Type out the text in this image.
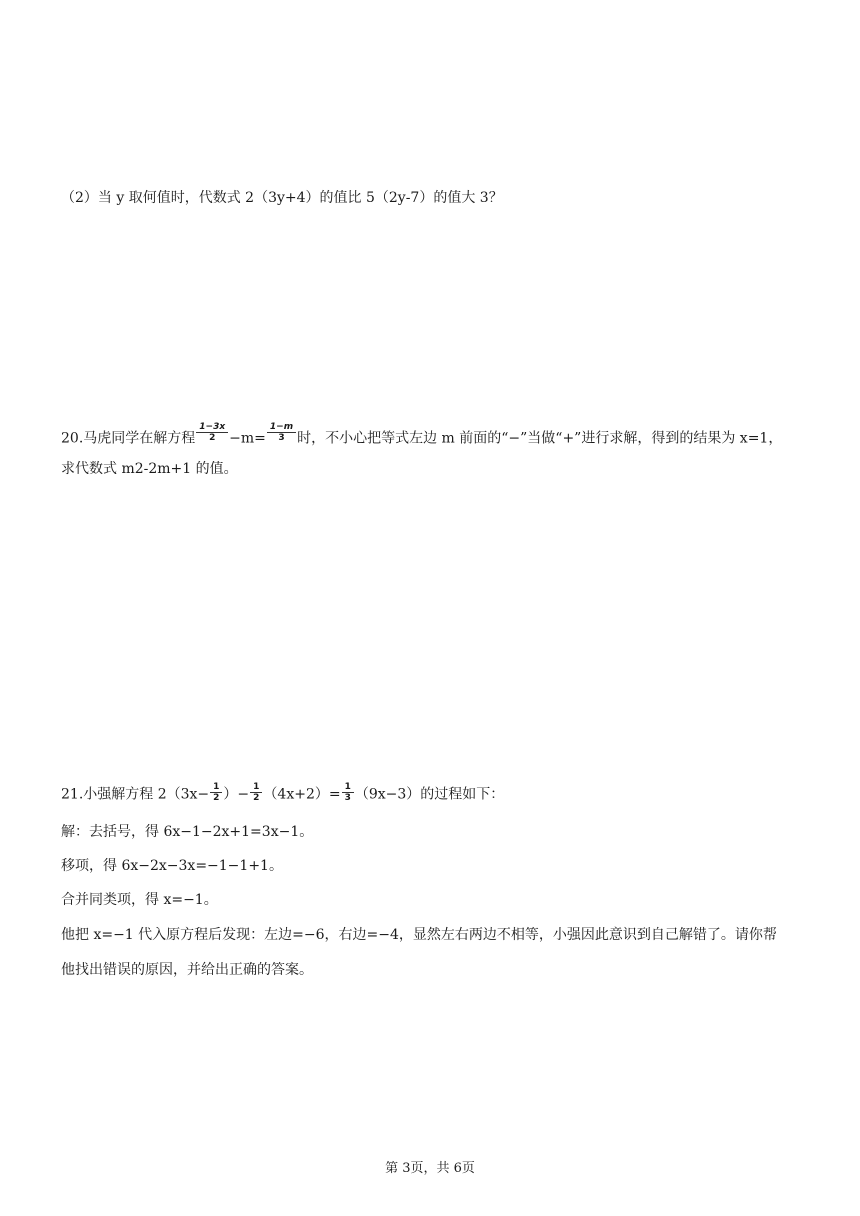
（2）当 y 取何值时，代数式 2（3y+4）的值比 5（2y-7）的值大 3？
20.马虎同学在解方程 $\frac{1-3x}{2} -m= \frac{1-m}{3}$ 时，不小心把等式左边 m 前面的“−”当做“+”进行求解，得到的结果为 x=1，
求代数式 m2-2m+1 的值。
21.小强解方程 $2(3x- \frac{1}{2}$ ）− $\frac{1}{2} (4x+2)= \frac{1}{3} (9x-3)$的过程如下：
解：去括号，得 6x−1−2x+1=3x−1。
移项，得 6x−2x−3x=−1−1+1。
合并同类项，得 x=−1。
他把 x=−1 代入原方程后发现：左边=−6，右边=−4，显然左右两边不相等，小强因此意识到自己解错了。请你帮
他找出错误的原因，并给出正确的答案。
第 3页，共 6页
